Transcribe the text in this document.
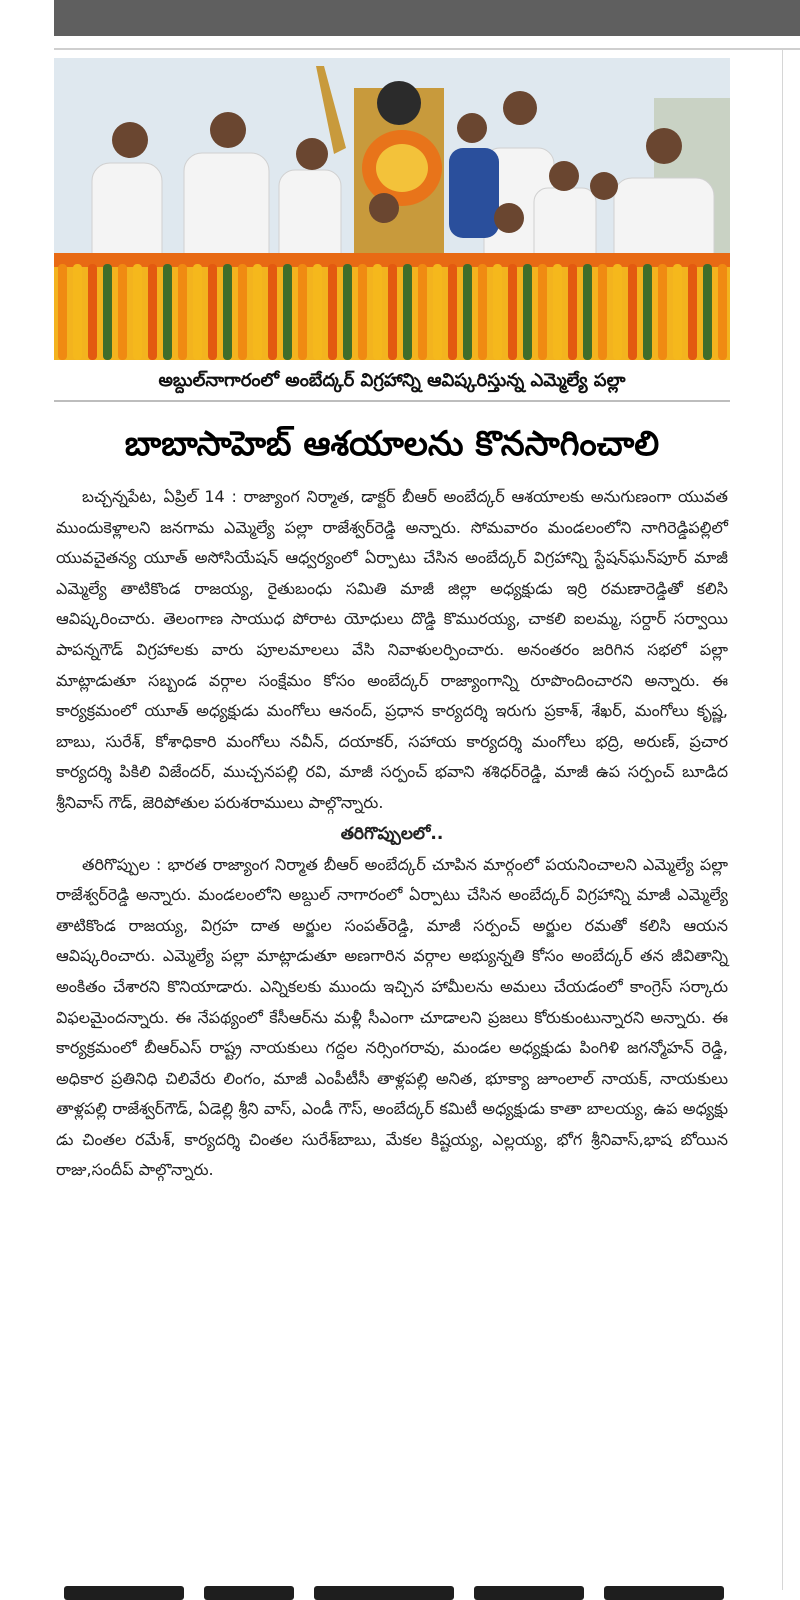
అబ్దుల్‌నాగారంలో అంబేద్కర్ విగ్రహాన్ని ఆవిష్కరిస్తున్న ఎమ్మెల్యే పల్లా
బాబాసాహెబ్ ఆశయాలను కొనసాగించాలి

బచ్చన్నపేట, ఏప్రిల్ 14 : రాజ్యాంగ నిర్మాత, డాక్టర్ బీఆర్ అంబేద్కర్ ఆశయాలకు అనుగుణంగా యువత ముందుకెళ్లాలని జనగామ ఎమ్మెల్యే పల్లా రాజేశ్వర్‌రెడ్డి అన్నారు. సోమవారం మండలంలోని నాగిరెడ్డిపల్లిలో యువచైతన్య యూత్ అసోసియేషన్ ఆధ్వర్యంలో ఏర్పాటు చేసిన అంబేద్కర్ విగ్రహాన్ని స్టేషన్‌ఘన్‌పూర్ మాజీ ఎమ్మెల్యే తాటికొండ రాజయ్య, రైతుబంధు సమితి మాజీ జిల్లా అధ్యక్షుడు ఇర్రి రమణారెడ్డితో కలిసి ఆవిష్కరించారు. తెలంగాణ సాయుధ పోరాట యోధులు దొడ్డి కొమురయ్య, చాకలి ఐలమ్మ, సర్దార్ సర్వాయి పాపన్నగౌడ్ విగ్రహాలకు వారు పూలమాలలు వేసి నివాళులర్పించారు. అనంతరం జరిగిన సభలో పల్లా మాట్లాడుతూ సబ్బండ వర్గాల సంక్షేమం కోసం అంబేద్కర్ రాజ్యాంగాన్ని రూపొందించారని అన్నారు. ఈ కార్యక్రమంలో యూత్ అధ్యక్షుడు మంగోలు ఆనంద్, ప్రధాన కార్యదర్శి ఇరుగు ప్రకాశ్, శేఖర్, మంగోలు కృష్ణ, బాబు, సురేశ్, కోశాధికారి మంగోలు నవీన్, దయాకర్, సహాయ కార్యదర్శి మంగోలు భద్రి, అరుణ్, ప్రచార కార్యదర్శి పికిలి విజేందర్, ముచ్చనపల్లి రవి, మాజీ సర్పంచ్ భవాని శశిధర్‌రెడ్డి, మాజీ ఉప సర్పంచ్ బూడిద శ్రీనివాస్ గౌడ్, జెరిపోతుల పరుశరాములు పాల్గొన్నారు.

తరిగొప్పులలో..

తరిగొప్పుల : భారత రాజ్యాంగ నిర్మాత బీఆర్ అంబేద్కర్ చూపిన మార్గంలో పయనించాలని ఎమ్మెల్యే పల్లా రాజేశ్వర్‌రెడ్డి అన్నారు. మండలంలోని అబ్దుల్ నాగారంలో ఏర్పాటు చేసిన అంబేద్కర్ విగ్రహాన్ని మాజీ ఎమ్మెల్యే తాటికొండ రాజయ్య, విగ్రహ దాత అర్జుల సంపత్‌రెడ్డి, మాజీ సర్పంచ్ అర్జుల రమతో కలిసి ఆయన ఆవిష్కరించారు. ఎమ్మెల్యే పల్లా మాట్లాడుతూ అణగారిన వర్గాల అభ్యున్నతి కోసం అంబేద్కర్ తన జీవితాన్ని అంకితం చేశారని కొనియాడారు. ఎన్నికలకు ముందు ఇచ్చిన హామీలను అమలు చేయడంలో కాంగ్రెస్ సర్కారు విఫలమైందన్నారు. ఈ నేపథ్యంలో కేసీఆర్‌ను మళ్లీ సీఎంగా చూడాలని ప్రజలు కోరుకుంటున్నారని అన్నారు. ఈ కార్యక్రమంలో బీఆర్‌ఎస్ రాష్ట్ర నాయకులు గద్దల నర్సింగరావు, మండల అధ్యక్షుడు పింగిళి జగన్మోహన్ రెడ్డి, అధికార ప్రతినిధి చిలివేరు లింగం, మాజీ ఎంపీటీసీ తాళ్లపల్లి అనిత, భూక్యా జూంలాల్ నాయక్, నాయకులు తాళ్లపల్లి రాజేశ్వర్‌గౌడ్, ఏడెల్లి శ్రీని వాస్, ఎండీ గౌస్, అంబేద్కర్ కమిటీ అధ్యక్షుడు కాతా బాలయ్య, ఉప అధ్యక్షు డు చింతల రమేశ్, కార్యదర్శి చింతల సురేశ్‌బాబు, మేకల కిష్టయ్య, ఎల్లయ్య, భోగ శ్రీనివాస్,భాష బోయిన రాజు,సందీప్ పాల్గొన్నారు.
